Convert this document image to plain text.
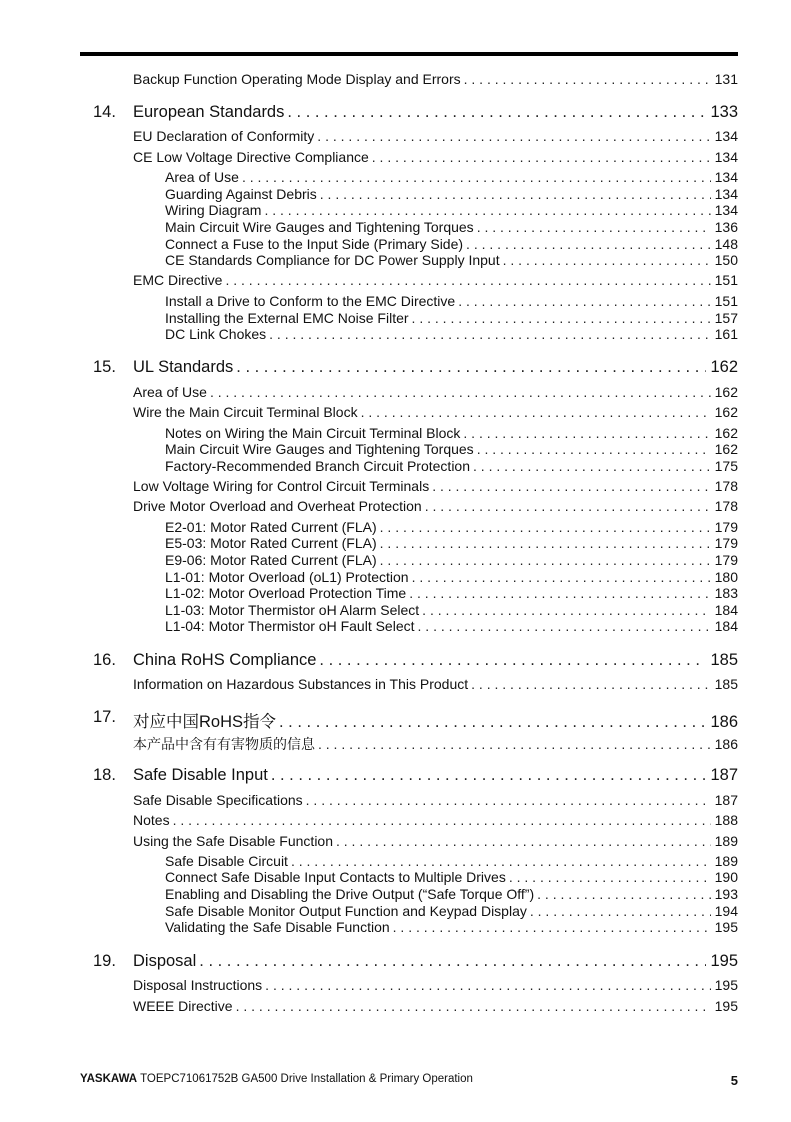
Backup Function Operating Mode Display and Errors . . .	131
14. European Standards . . .	133
EU Declaration of Conformity . . .	134
CE Low Voltage Directive Compliance . . .	134
Area of Use . . .	134
Guarding Against Debris . . .	134
Wiring Diagram . . .	134
Main Circuit Wire Gauges and Tightening Torques . . .	136
Connect a Fuse to the Input Side (Primary Side) . . .	148
CE Standards Compliance for DC Power Supply Input . . .	150
EMC Directive . . .	151
Install a Drive to Conform to the EMC Directive . . .	151
Installing the External EMC Noise Filter . . .	157
DC Link Chokes . . .	161
15. UL Standards . . .	162
Area of Use . . .	162
Wire the Main Circuit Terminal Block . . .	162
Notes on Wiring the Main Circuit Terminal Block . . .	162
Main Circuit Wire Gauges and Tightening Torques . . .	162
Factory-Recommended Branch Circuit Protection . . .	175
Low Voltage Wiring for Control Circuit Terminals . . .	178
Drive Motor Overload and Overheat Protection . . .	178
E2-01: Motor Rated Current (FLA) . . .	179
E5-03: Motor Rated Current (FLA) . . .	179
E9-06: Motor Rated Current (FLA) . . .	179
L1-01: Motor Overload (oL1) Protection . . .	180
L1-02: Motor Overload Protection Time . . .	183
L1-03: Motor Thermistor oH Alarm Select . . .	184
L1-04: Motor Thermistor oH Fault Select . . .	184
16. China RoHS Compliance . . .	185
Information on Hazardous Substances in This Product . . .	185
17. 对应中国RoHS指令 . . .	186
本产品中含有有害物质的信息 . . .	186
18. Safe Disable Input . . .	187
Safe Disable Specifications . . .	187
Notes . . .	188
Using the Safe Disable Function . . .	189
Safe Disable Circuit . . .	189
Connect Safe Disable Input Contacts to Multiple Drives . . .	190
Enabling and Disabling the Drive Output (“Safe Torque Off”) . . .	193
Safe Disable Monitor Output Function and Keypad Display . . .	194
Validating the Safe Disable Function . . .	195
19. Disposal . . .	195
Disposal Instructions . . .	195
WEEE Directive . . .	195
YASKAWA TOEPC71061752B GA500 Drive Installation & Primary Operation	5
